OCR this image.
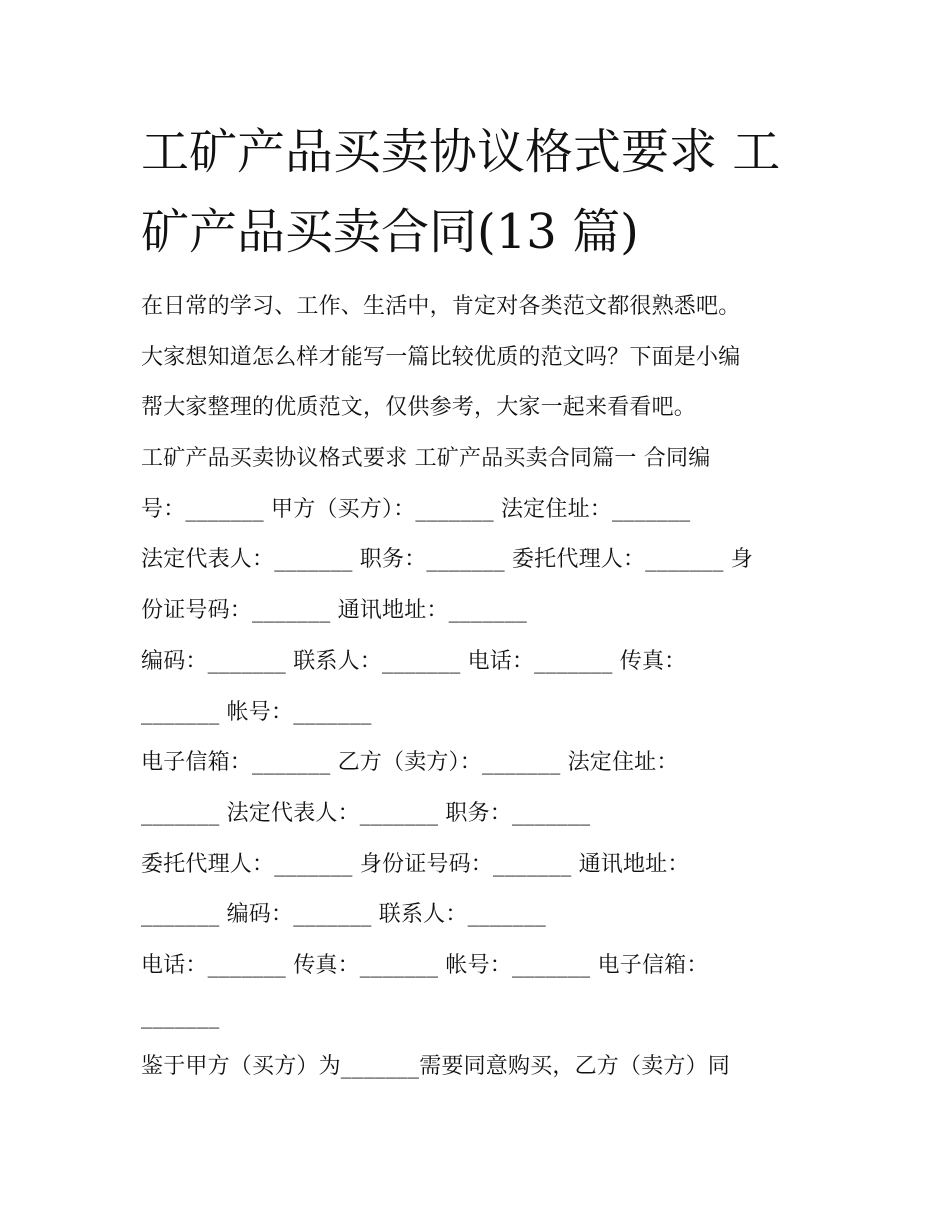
工矿产品买卖协议格式要求 工
矿产品买卖合同(13 篇)
在日常的学习、工作、生活中，肯定对各类范文都很熟悉吧。
大家想知道怎么样才能写一篇比较优质的范文吗？下面是小编
帮大家整理的优质范文，仅供参考，大家一起来看看吧。
工矿产品买卖协议格式要求 工矿产品买卖合同篇一 合同编
号：_______ 甲方（买方）：_______ 法定住址：_______
法定代表人：_______ 职务：_______ 委托代理人：_______ 身
份证号码：_______ 通讯地址：_______
编码：_______ 联系人：_______ 电话：_______ 传真：
_______ 帐号：_______
电子信箱：_______ 乙方（卖方）：_______ 法定住址：
_______ 法定代表人：_______ 职务：_______
委托代理人：_______ 身份证号码：_______ 通讯地址：
_______ 编码：_______ 联系人：_______
电话：_______ 传真：_______ 帐号：_______ 电子信箱：
_______
鉴于甲方（买方）为_______需要同意购买，乙方（卖方）同
